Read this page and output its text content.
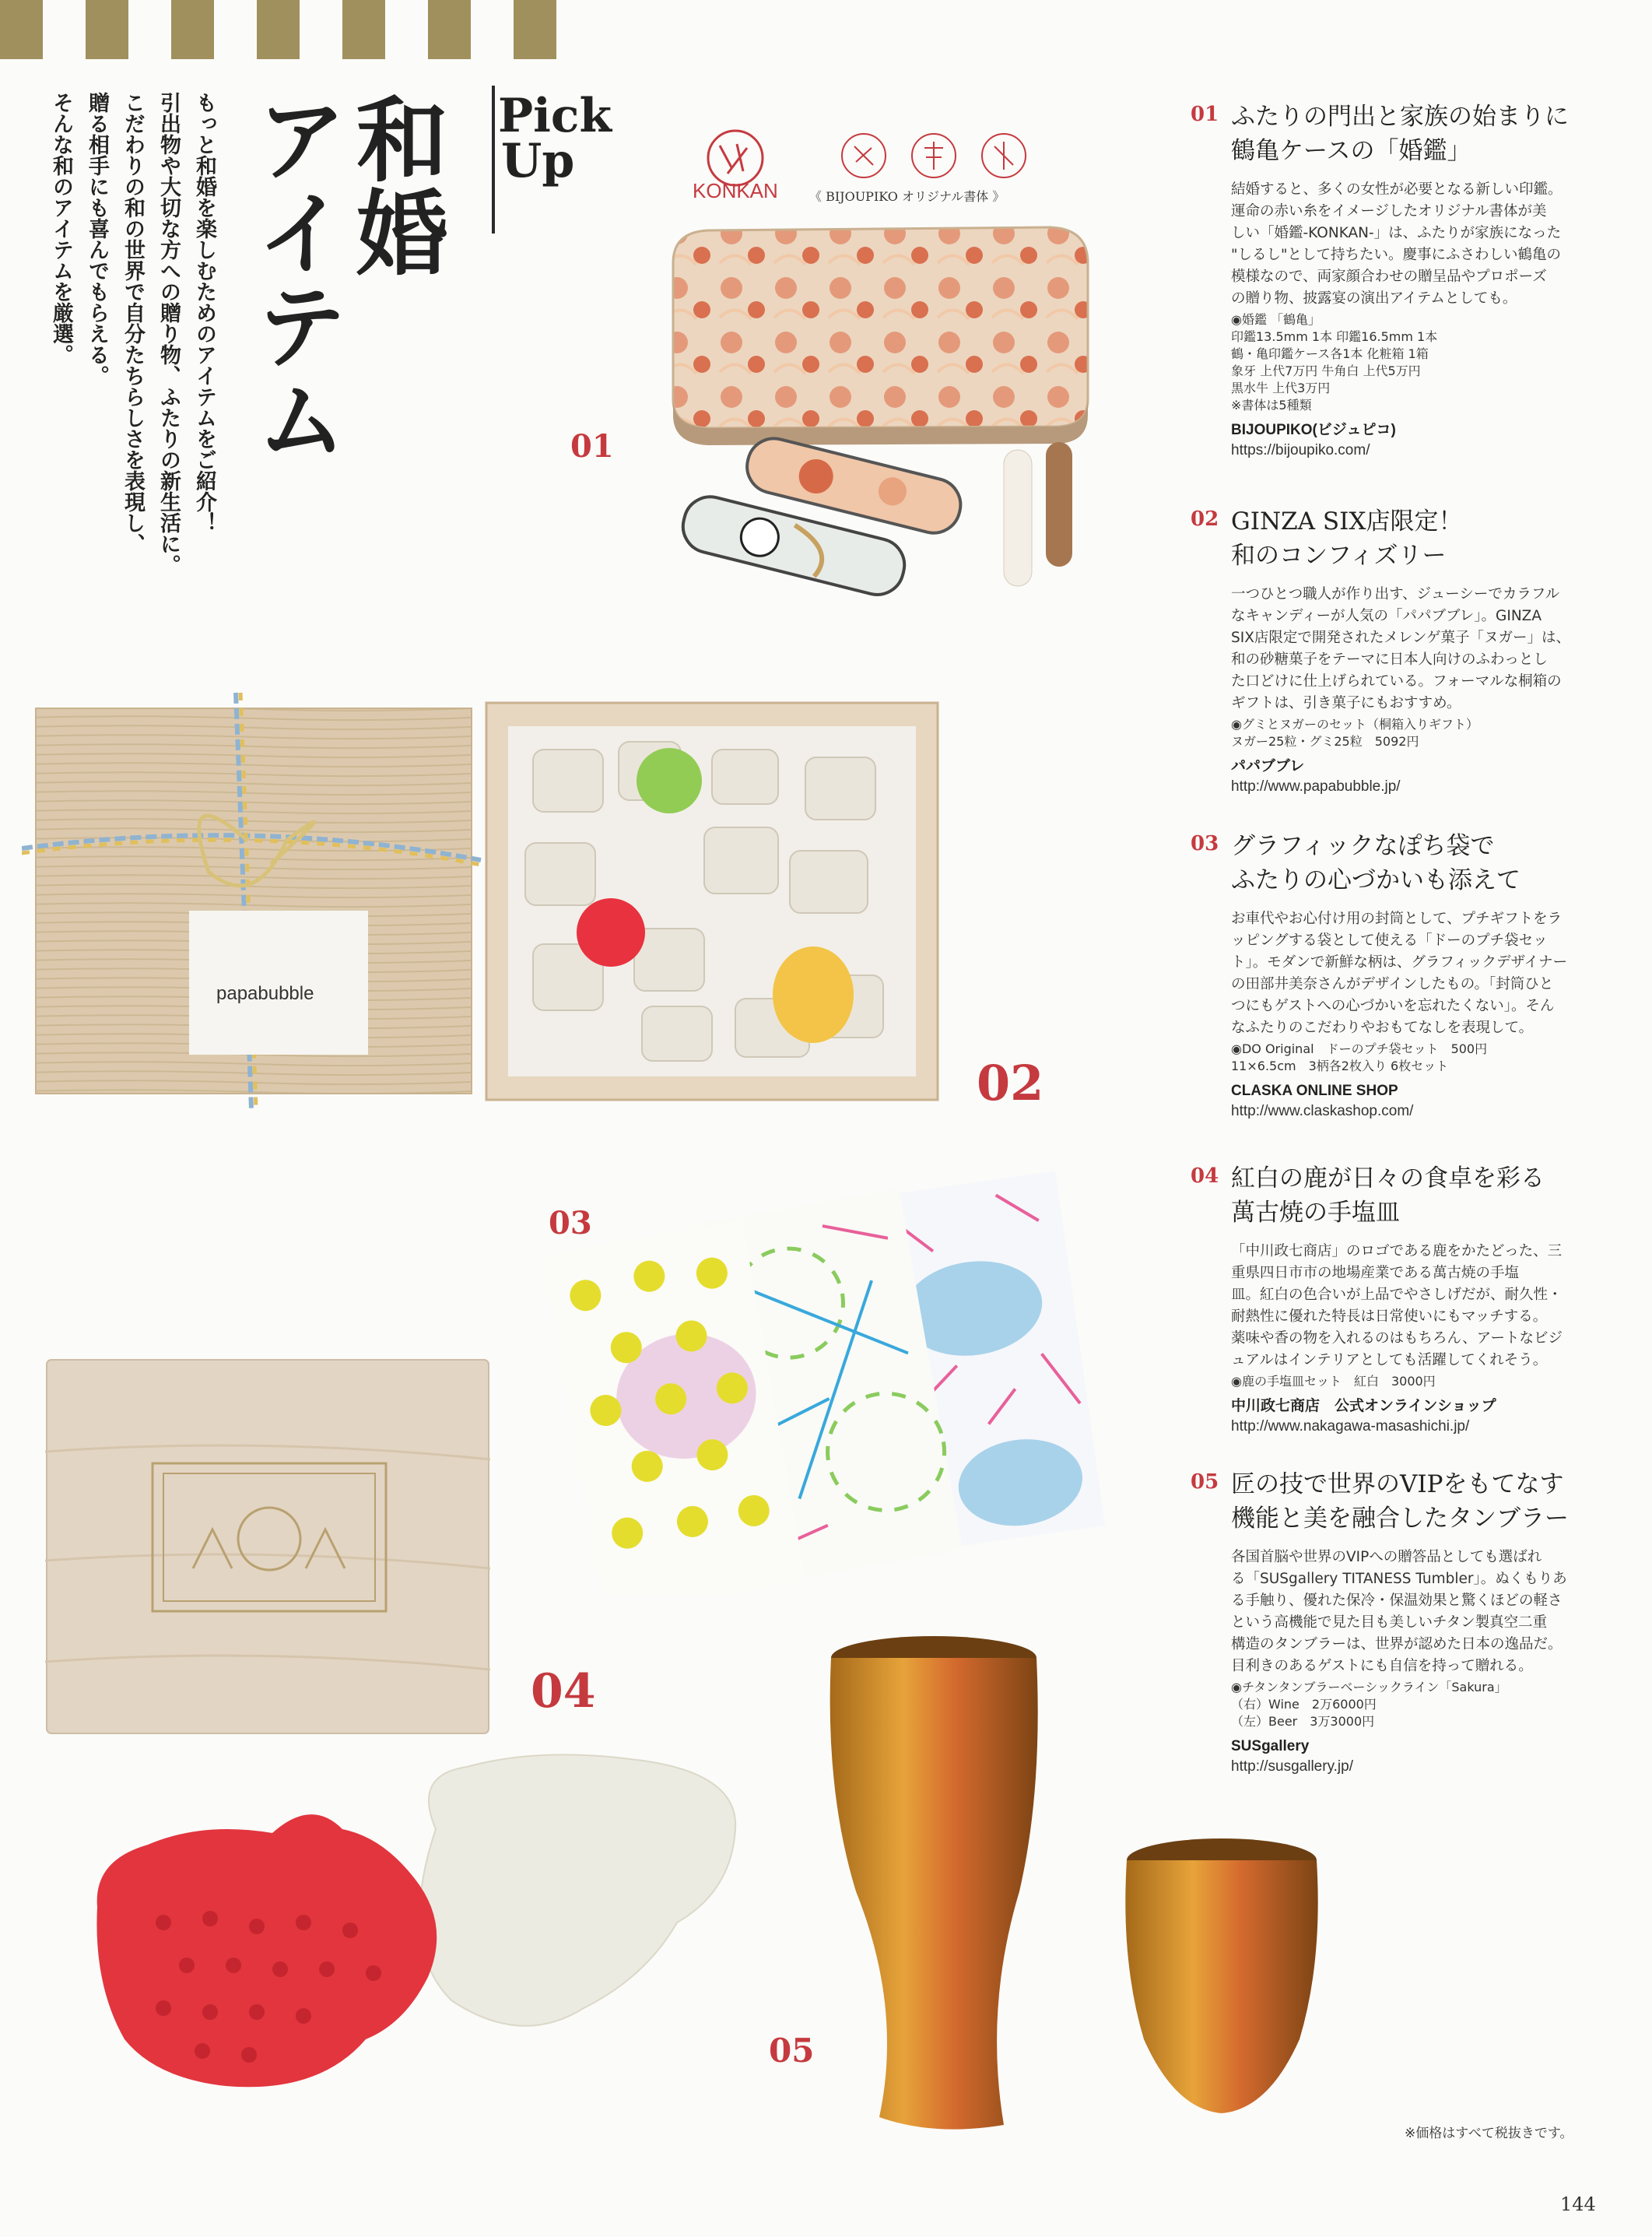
和婚
アイテム	Pick
Up
もっと和婚を楽しむためのアイテムをご紹介！
引出物や大切な方への贈り物、ふたりの新生活に。
こだわりの和の世界で自分たちらしさを表現し、
贈る相手にも喜んでもらえる。
そんな和のアイテムを厳選。	KONKAN	《 BIJOUPIKO オリジナル書体 》
01
papabubble
02
03
04
05
01 ふたりの門出と家族の始まりに
鶴亀ケースの「婚鑑」
結婚すると、多くの女性が必要となる新しい印鑑。
運命の赤い糸をイメージしたオリジナル書体が美
しい「婚鑑-KONKAN-」は、ふたりが家族になった
"しるし"として持ちたい。慶事にふさわしい鶴亀の
模様なので、両家顔合わせの贈呈品やプロポーズ
の贈り物、披露宴の演出アイテムとしても。
◉婚鑑 「鶴亀」
印鑑13.5mm 1本 印鑑16.5mm 1本
鶴・亀印鑑ケース各1本 化粧箱 1箱
象牙 上代7万円 牛角白 上代5万円
黒水牛 上代3万円
※書体は5種類
BIJOUPIKO(ビジュピコ)
https://bijoupiko.com/
02 GINZA SIX店限定！
和のコンフィズリー
一つひとつ職人が作り出す、ジューシーでカラフル
なキャンディーが人気の「パパブブレ」。GINZA
SIX店限定で開発されたメレンゲ菓子「ヌガー」は、
和の砂糖菓子をテーマに日本人向けのふわっとし
た口どけに仕上げられている。フォーマルな桐箱の
ギフトは、引き菓子にもおすすめ。
◉グミとヌガーのセット（桐箱入りギフト）
ヌガー25粒・グミ25粒　5092円
パパブブレ
http://www.papabubble.jp/
03 グラフィックなぽち袋で
ふたりの心づかいも添えて
お車代やお心付け用の封筒として、プチギフトをラ
ッピングする袋として使える「ドーのプチ袋セッ
ト」。モダンで新鮮な柄は、グラフィックデザイナー
の田部井美奈さんがデザインしたもの。「封筒ひと
つにもゲストへの心づかいを忘れたくない」。そん
なふたりのこだわりやおもてなしを表現して。
◉DO Original　ドーのプチ袋セット　500円
11×6.5cm　3柄各2枚入り 6枚セット
CLASKA ONLINE SHOP
http://www.claskashop.com/
04 紅白の鹿が日々の食卓を彩る
萬古焼の手塩皿
「中川政七商店」のロゴである鹿をかたどった、三
重県四日市市の地場産業である萬古焼の手塩
皿。紅白の色合いが上品でやさしげだが、耐久性・
耐熱性に優れた特長は日常使いにもマッチする。
薬味や香の物を入れるのはもちろん、アートなビジ
ュアルはインテリアとしても活躍してくれそう。
◉鹿の手塩皿セット　紅白　3000円
中川政七商店　公式オンラインショップ
http://www.nakagawa-masashichi.jp/
05 匠の技で世界のVIPをもてなす
機能と美を融合したタンブラー
各国首脳や世界のVIPへの贈答品としても選ばれ
る「SUSgallery TITANESS Tumbler」。ぬくもりあ
る手触り、優れた保冷・保温効果と驚くほどの軽さ
という高機能で見た目も美しいチタン製真空二重
構造のタンブラーは、世界が認めた日本の逸品だ。
目利きのあるゲストにも自信を持って贈れる。
◉チタンタンブラーベーシックライン「Sakura」
（右）Wine　2万6000円
（左）Beer　3万3000円
SUSgallery
http://susgallery.jp/
※価格はすべて税抜きです。
144
